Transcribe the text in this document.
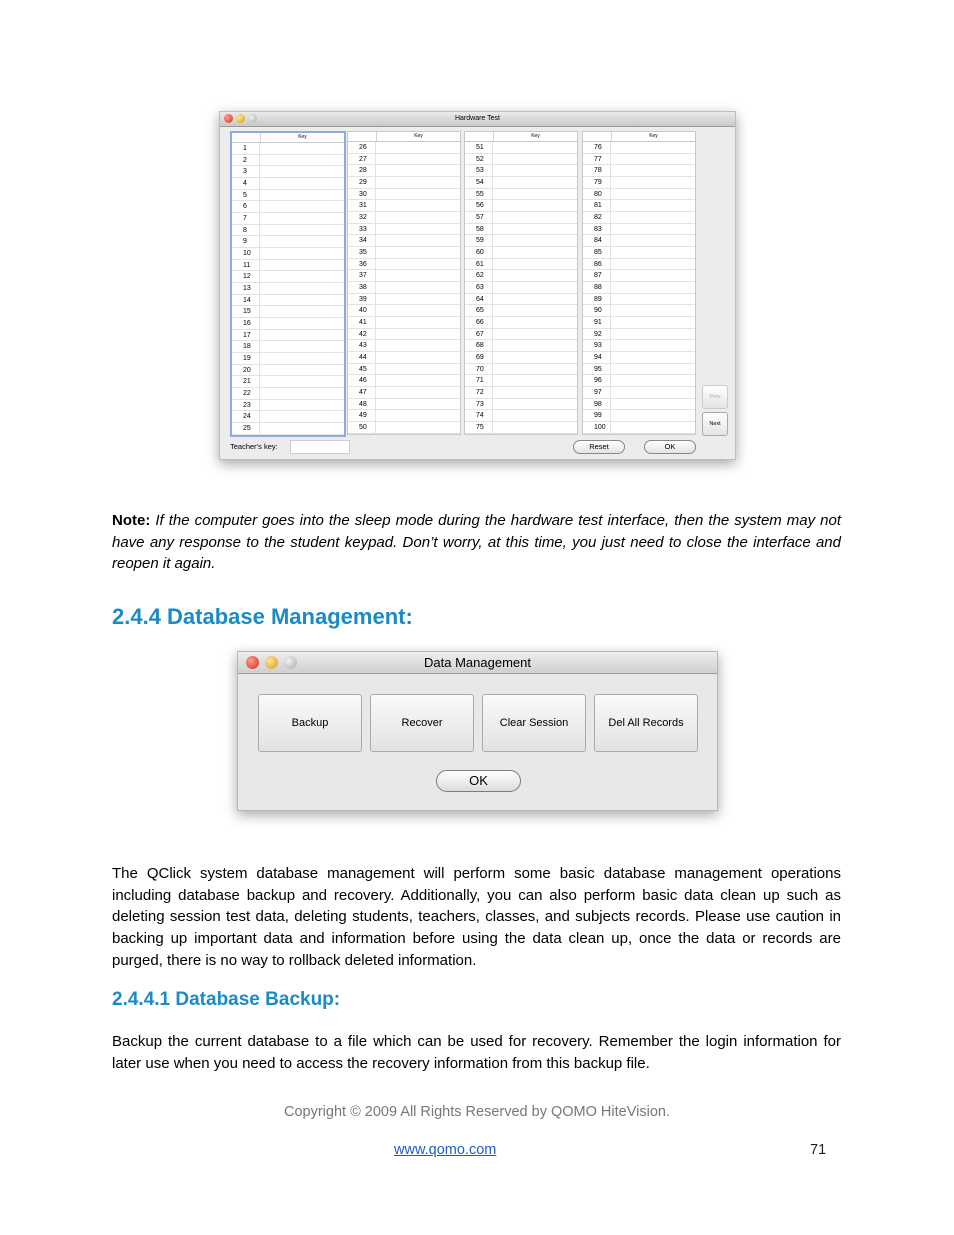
Hardware Test
Key
1
2
3
4
5
6
7
8
9
10
11
12
13
14
15
16
17
18
19
20
21
22
23
24
25
Key
26
27
28
29
30
31
32
33
34
35
36
37
38
39
40
41
42
43
44
45
46
47
48
49
50
Key
51
52
53
54
55
56
57
58
59
60
61
62
63
64
65
66
67
68
69
70
71
72
73
74
75
Key
76
77
78
79
80
81
82
83
84
85
86
87
88
89
90
91
92
93
94
95
96
97
98
99
100
Prev
Next
Teacher's key:	Reset	OK
Note: If the computer goes into the sleep mode during the hardware test interface, then the system may not have any response to the student keypad. Don’t worry, at this time, you just need to close the interface and reopen it again.
2.4.4 Database Management:
Data Management
Backup	Recover	Clear Session	Del All Records
OK
The QClick system database management will perform some basic database management operations including database backup and recovery. Additionally, you can also perform basic data clean up such as deleting session test data, deleting students, teachers, classes, and subjects records. Please use caution in backing up important data and information before using the data clean up, once the data or records are purged, there is no way to rollback deleted information.
2.4.4.1 Database Backup:
Backup the current database to a file which can be used for recovery. Remember the login information for later use when you need to access the recovery information from this backup file.
Copyright © 2009 All Rights Reserved by QOMO HiteVision.
www.qomo.com	71
